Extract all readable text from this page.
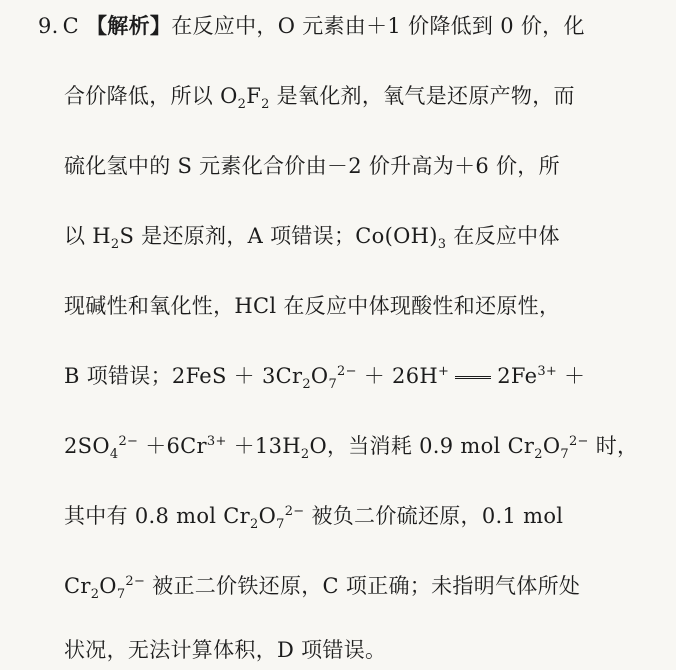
9. C 【解析】在反应中，O 元素由＋1 价降低到 0 价，化
合价降低，所以 $O_2F_2$ 是氧化剂，氧气是还原产物，而
硫化氢中的 S 元素化合价由－2 价升高为＋6 价，所
以 $H_2S$ 是还原剂，A 项错误；$Co(OH)_3$ 在反应中体
现碱性和氧化性，HCl 在反应中体现酸性和还原性，
B 项错误；$2FeS + 3Cr_2O_7^{2-} + 26H^+$ $2Fe^{3+}$ ＋
$2SO_4^{2-} +6Cr^{3+} +13H_2O$，当消耗 0.9 mol $Cr_2O_7^{2-}$ 时，
其中有 0.8 mol $Cr_2O_7^{2-}$ 被负二价硫还原，0.1 mol
$Cr_2O_7^{2-}$ 被正二价铁还原，C 项正确；未指明气体所处
状况，无法计算体积，D 项错误。
